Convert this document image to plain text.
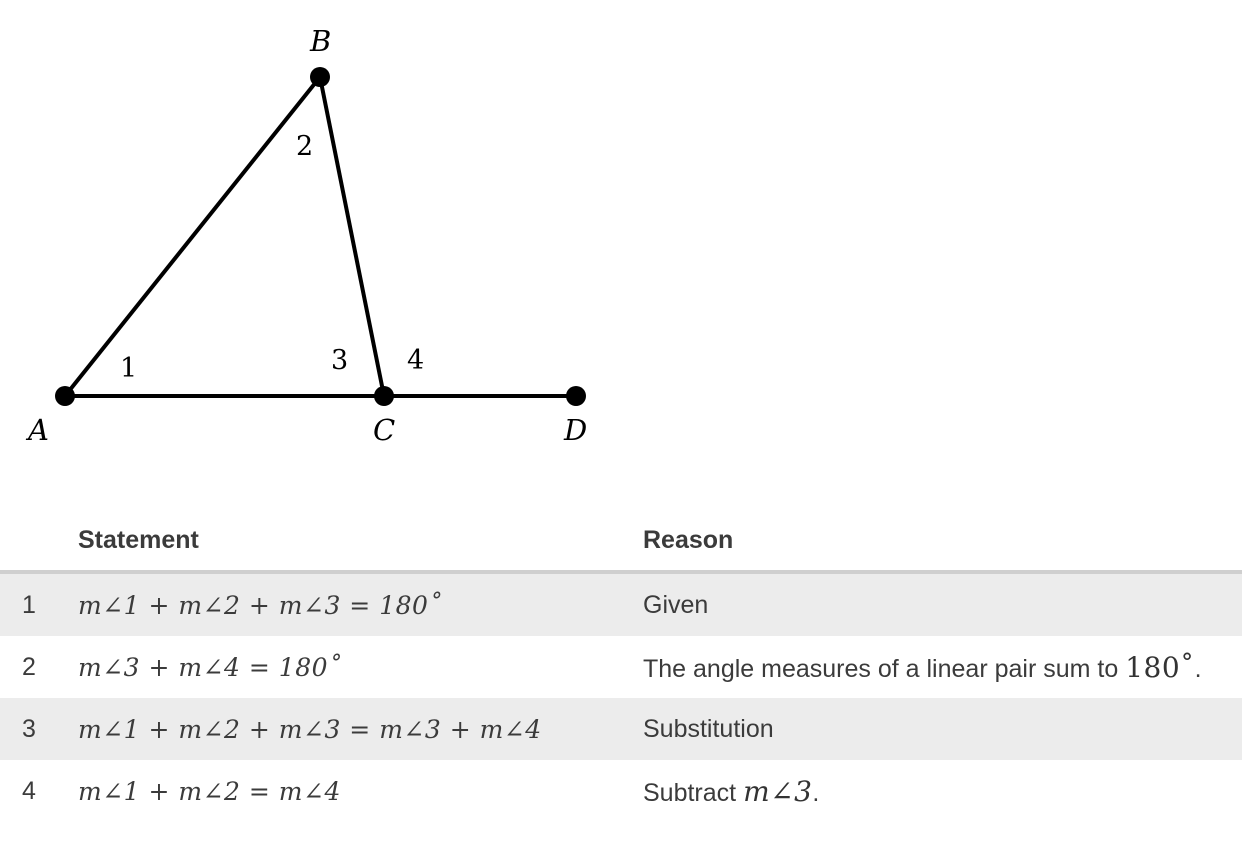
A
B
C	D
1
2
3 4
	Statement	Reason
1	m∠1 + m∠2 + m∠3 = 180˚	Given
2	m∠3 + m∠4 = 180˚	The angle measures of a linear pair sum to 180˚.
3	m∠1 + m∠2 + m∠3 = m∠3 + m∠4	Substitution
4	m∠1 + m∠2 = m∠4	Subtract m∠3.
